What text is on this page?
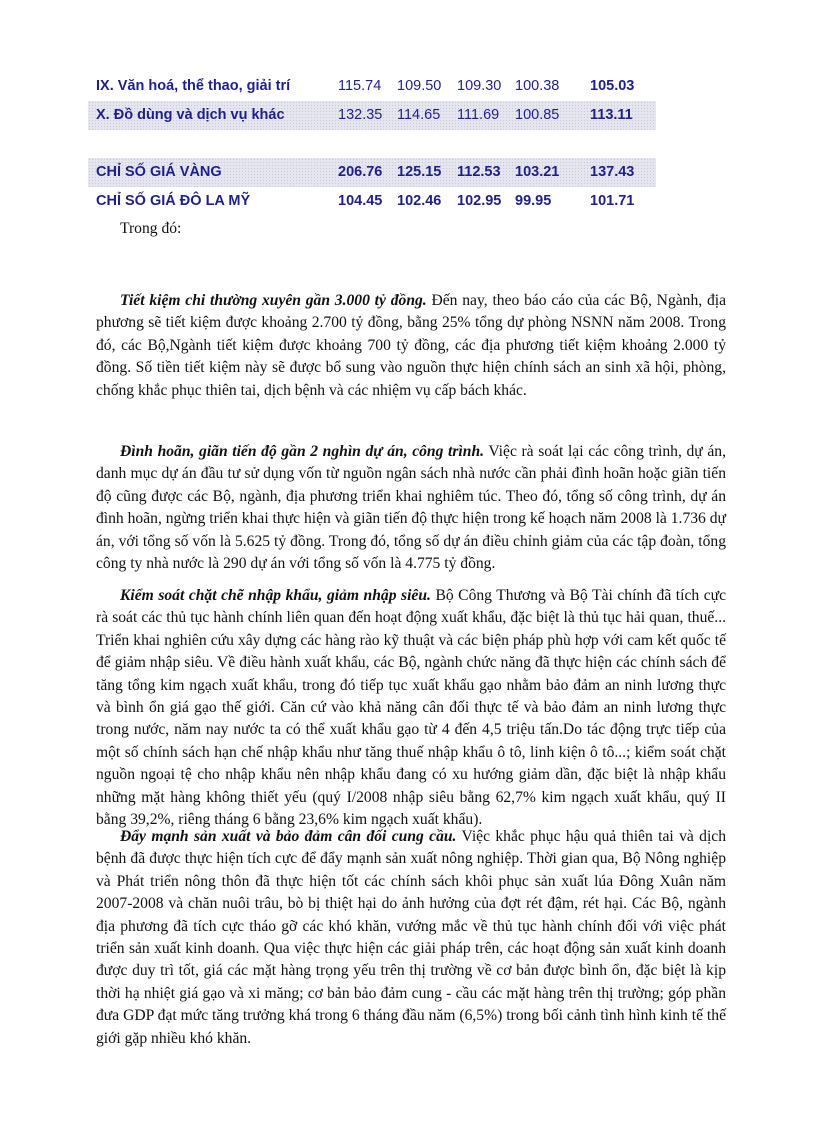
IX. Văn hoá, thể thao, giải trí	115.74 109.50 109.30 100.38 105.03
X. Đồ dùng và dịch vụ khác	132.35 114.65 111.69 100.85 113.11
CHỈ SỐ GIÁ VÀNG	206.76 125.15 112.53 103.21 137.43
CHỈ SỐ GIÁ ĐÔ LA MỸ	104.45 102.46 102.95 99.95	101.71
Trong đó:

Tiết kiệm chi thường xuyên gần 3.000 tỷ đồng. Đến nay, theo báo cáo của các Bộ, Ngành, địa phương sẽ tiết kiệm được khoảng 2.700 tỷ đồng, bằng 25% tổng dự phòng NSNN năm 2008. Trong đó, các Bộ,Ngành tiết kiệm được khoảng 700 tỷ đồng, các địa phương tiết kiệm khoảng 2.000 tỷ đồng. Số tiền tiết kiệm này sẽ được bổ sung vào nguồn thực hiện chính sách an sinh xã hội, phòng, chống khắc phục thiên tai, dịch bệnh và các nhiệm vụ cấp bách khác.

Đình hoãn, giãn tiến độ gần 2 nghìn dự án, công trình. Việc rà soát lại các công trình, dự án, danh mục dự án đầu tư sử dụng vốn từ nguồn ngân sách nhà nước cần phải đình hoãn hoặc giãn tiến độ cũng được các Bộ, ngành, địa phương triển khai nghiêm túc. Theo đó, tổng số công trình, dự án đình hoãn, ngừng triển khai thực hiện và giãn tiến độ thực hiện trong kế hoạch năm 2008 là 1.736 dự án, với tổng số vốn là 5.625 tỷ đồng. Trong đó, tổng số dự án điều chỉnh giảm của các tập đoàn, tổng công ty nhà nước là 290 dự án với tổng số vốn là 4.775 tỷ đồng.

Kiểm soát chặt chẽ nhập khẩu, giảm nhập siêu. Bộ Công Thương và Bộ Tài chính đã tích cực rà soát các thủ tục hành chính liên quan đến hoạt động xuất khẩu, đặc biệt là thủ tục hải quan, thuế... Triển khai nghiên cứu xây dựng các hàng rào kỹ thuật và các biện pháp phù hợp với cam kết quốc tế để giảm nhập siêu. Về điều hành xuất khẩu, các Bộ, ngành chức năng đã thực hiện các chính sách để tăng tổng kim ngạch xuất khẩu, trong đó tiếp tục xuất khẩu gạo nhằm bảo đảm an ninh lương thực và bình ổn giá gạo thế giới. Căn cứ vào khả năng cân đối thực tế và bảo đảm an ninh lương thực trong nước, năm nay nước ta có thể xuất khẩu gạo từ 4 đến 4,5 triệu tấn.Do tác động trực tiếp của một số chính sách hạn chế nhập khẩu như tăng thuế nhập khẩu ô tô, linh kiện ô tô...; kiểm soát chặt nguồn ngoại tệ cho nhập khẩu nên nhập khẩu đang có xu hướng giảm dần, đặc biệt là nhập khẩu những mặt hàng không thiết yếu (quý I/2008 nhập siêu bằng 62,7% kim ngạch xuất khẩu, quý II bằng 39,2%, riêng tháng 6 bằng 23,6% kim ngạch xuất khẩu).

Đẩy mạnh sản xuất và bảo đảm cân đối cung cầu. Việc khắc phục hậu quả thiên tai và dịch bệnh đã được thực hiện tích cực để đẩy mạnh sản xuất nông nghiệp. Thời gian qua, Bộ Nông nghiệp và Phát triển nông thôn đã thực hiện tốt các chính sách khôi phục sản xuất lúa Đông Xuân năm 2007-2008 và chăn nuôi trâu, bò bị thiệt hại do ảnh hưởng của đợt rét đậm, rét hại. Các Bộ, ngành địa phương đã tích cực tháo gỡ các khó khăn, vướng mắc về thủ tục hành chính đối với việc phát triển sản xuất kinh doanh. Qua việc thực hiện các giải pháp trên, các hoạt động sản xuất kinh doanh được duy trì tốt, giá các mặt hàng trọng yếu trên thị trường về cơ bản được bình ổn, đặc biệt là kịp thời hạ nhiệt giá gạo và xi măng; cơ bản bảo đảm cung - cầu các mặt hàng trên thị trường; góp phần đưa GDP đạt mức tăng trưởng khá trong 6 tháng đầu năm (6,5%) trong bối cảnh tình hình kinh tế thế giới gặp nhiều khó khăn.
